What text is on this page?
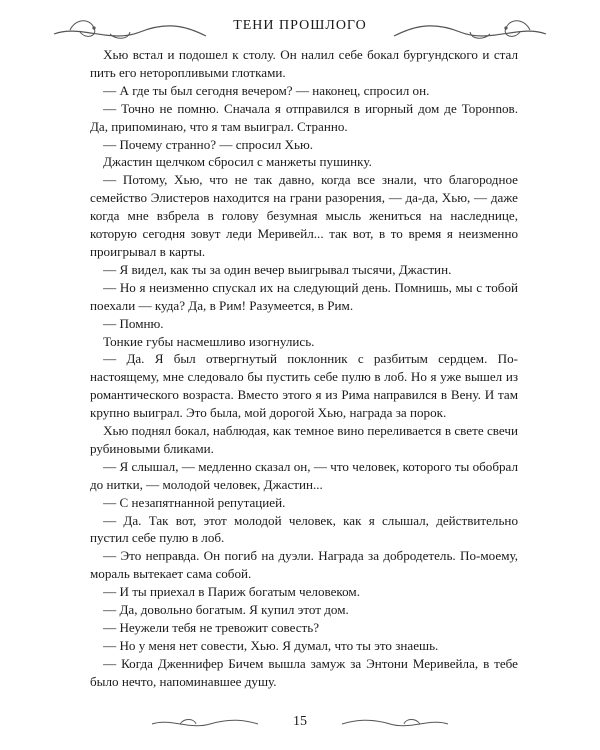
ТЕНИ ПРОШЛОГО

Хью встал и подошел к столу. Он налил себе бокал бургундского и стал пить его неторопливыми глотками.

— А где ты был сегодня вечером? — наконец, спросил он.

— Точно не помню. Сначала я отправился в игорный дом де Торонnов. Да, припоминаю, что я там выиграл. Странно.

— Почему странно? — спросил Хью.

Джастин щелчком сбросил с манжеты пушинку.

— Потому, Хью, что не так давно, когда все знали, что благородное семейство Элистеров находится на грани разорения, — да-да, Хью, — даже когда мне взбрела в голову безумная мысль жениться на наследнице, которую сегодня зовут леди Меривейл... так вот, в то время я неизменно проигрывал в карты.

— Я видел, как ты за один вечер выигрывал тысячи, Джастин.

— Но я неизменно спускал их на следующий день. Помнишь, мы с тобой поехали — куда? Да, в Рим! Разумеется, в Рим.

— Помню.

Тонкие губы насмешливо изогнулись.

— Да. Я был отвергнутый поклонник с разбитым сердцем. По-настоящему, мне следовало бы пустить себе пулю в лоб. Но я уже вышел из романтического возраста. Вместо этого я из Рима направился в Вену. И там крупно выиграл. Это была, мой дорогой Хью, награда за порок.

Хью поднял бокал, наблюдая, как темное вино переливается в свете свечи рубиновыми бликами.

— Я слышал, — медленно сказал он, — что человек, которого ты обобрал до нитки, — молодой человек, Джастин...

— С незапятнанной репутацией.

— Да. Так вот, этот молодой человек, как я слышал, действительно пустил себе пулю в лоб.

— Это неправда. Он погиб на дуэли. Награда за добродетель. По-моему, мораль вытекает сама собой.

— И ты приехал в Париж богатым человеком.

— Да, довольно богатым. Я купил этот дом.

— Неужели тебя не тревожит совесть?

— Но у меня нет совести, Хью. Я думал, что ты это знаешь.

— Когда Дженнифер Бичем вышла замуж за Энтони Меривейла, в тебе было нечто, напоминавшее душу.

15
